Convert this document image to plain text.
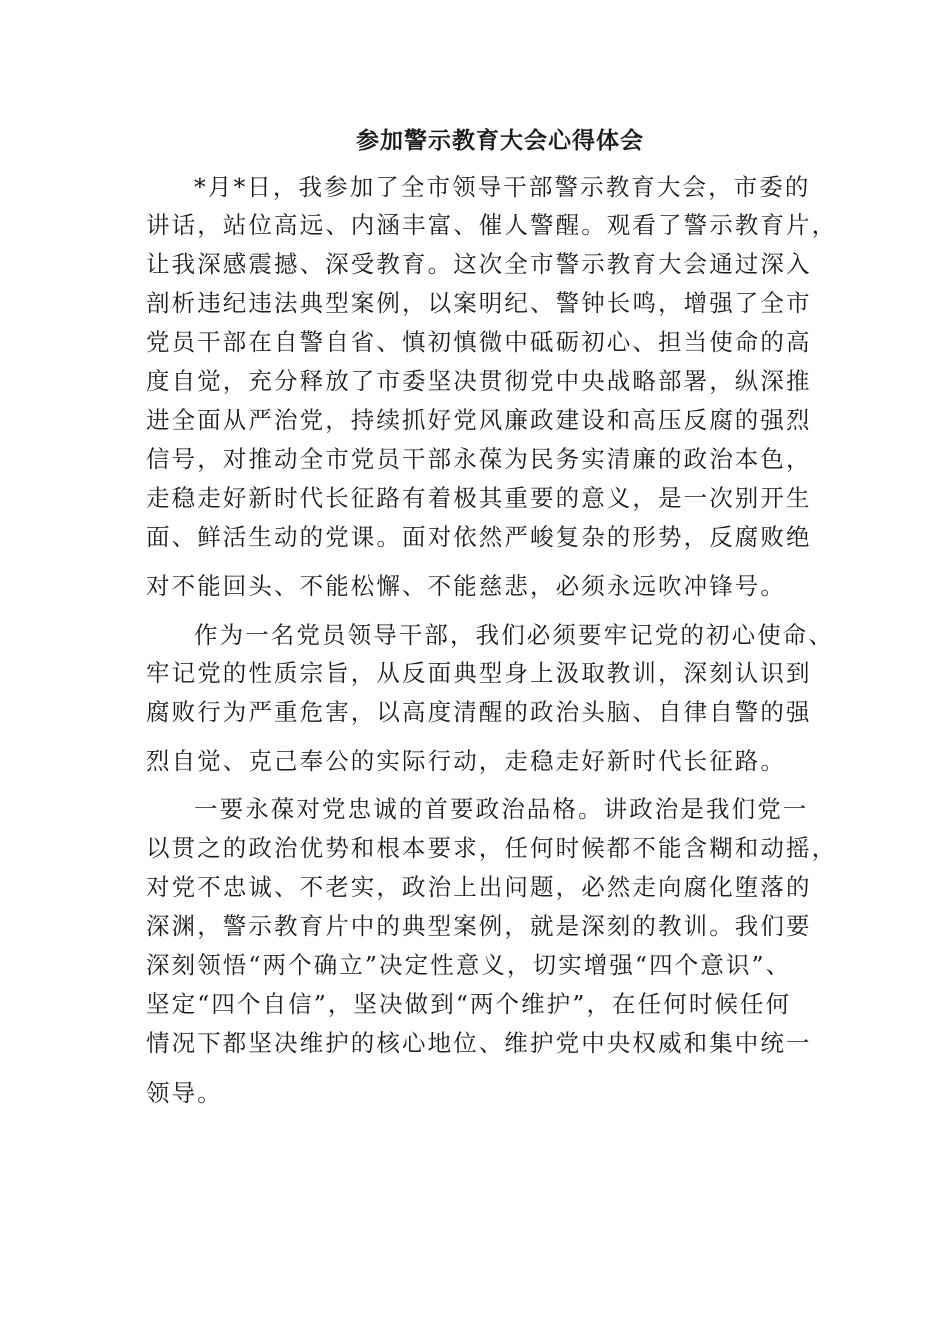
参加警示教育大会心得体会
*月*日，我参加了全市领导干部警示教育大会，市委的
讲话，站位高远、内涵丰富、催人警醒。观看了警示教育片，
让我深感震撼、深受教育。这次全市警示教育大会通过深入
剖析违纪违法典型案例，以案明纪、警钟长鸣，增强了全市
党员干部在自警自省、慎初慎微中砥砺初心、担当使命的高
度自觉，充分释放了市委坚决贯彻党中央战略部署，纵深推
进全面从严治党，持续抓好党风廉政建设和高压反腐的强烈
信号，对推动全市党员干部永葆为民务实清廉的政治本色，
走稳走好新时代长征路有着极其重要的意义，是一次别开生
面、鲜活生动的党课。面对依然严峻复杂的形势，反腐败绝
对不能回头、不能松懈、不能慈悲，必须永远吹冲锋号。
作为一名党员领导干部，我们必须要牢记党的初心使命、
牢记党的性质宗旨，从反面典型身上汲取教训，深刻认识到
腐败行为严重危害，以高度清醒的政治头脑、自律自警的强
烈自觉、克己奉公的实际行动，走稳走好新时代长征路。
一要永葆对党忠诚的首要政治品格。讲政治是我们党一
以贯之的政治优势和根本要求，任何时候都不能含糊和动摇，
对党不忠诚、不老实，政治上出问题，必然走向腐化堕落的
深渊，警示教育片中的典型案例，就是深刻的教训。我们要
深刻领悟“两个确立”决定性意义，切实增强“四个意识”、
坚定“四个自信”，坚决做到“两个维护”，在任何时候任何
情况下都坚决维护的核心地位、维护党中央权威和集中统一
领导。
